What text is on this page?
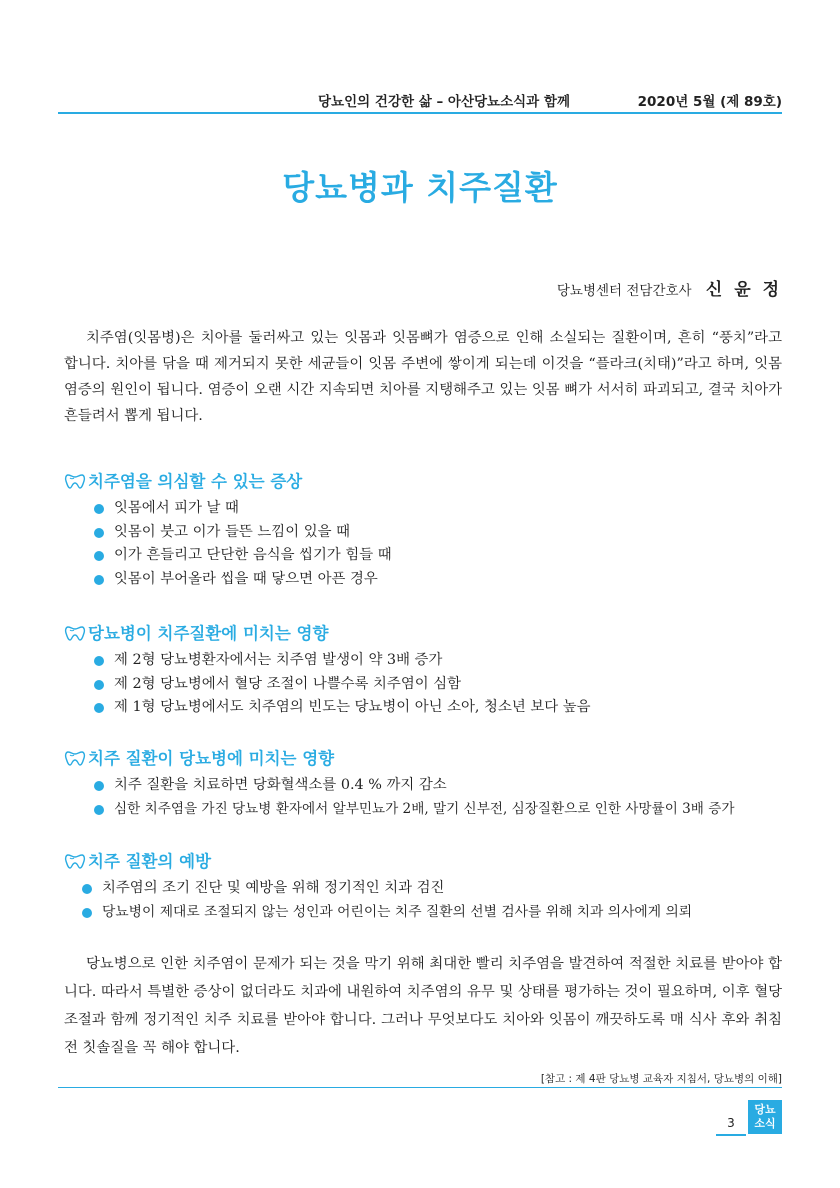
당뇨인의 건강한 삶 – 아산당뇨소식과 함께	2020년 5월 (제 89호)
당뇨병과 치주질환
당뇨병센터 전담간호사 신 윤 정
치주염(잇몸병)은 치아를 둘러싸고 있는 잇몸과 잇몸뼈가 염증으로 인해 소실되는 질환이며, 흔히 “풍치”라고 합니다. 치아를 닦을 때 제거되지 못한 세균들이 잇몸 주변에 쌓이게 되는데 이것을 “플라크(치태)”라고 하며, 잇몸 염증의 원인이 됩니다. 염증이 오랜 시간 지속되면 치아를 지탱해주고 있는 잇몸 뼈가 서서히 파괴되고, 결국 치아가 흔들려서 뽑게 됩니다.
치주염을 의심할 수 있는 증상
잇몸에서 피가 날 때
잇몸이 붓고 이가 들뜬 느낌이 있을 때
이가 흔들리고 단단한 음식을 씹기가 힘들 때
잇몸이 부어올라 씹을 때 닿으면 아픈 경우
당뇨병이 치주질환에 미치는 영향
제 2형 당뇨병환자에서는 치주염 발생이 약 3배 증가
제 2형 당뇨병에서 혈당 조절이 나쁠수록 치주염이 심함
제 1형 당뇨병에서도 치주염의 빈도는 당뇨병이 아닌 소아, 청소년 보다 높음
치주 질환이 당뇨병에 미치는 영향
치주 질환을 치료하면 당화혈색소를 0.4 % 까지 감소
심한 치주염을 가진 당뇨병 환자에서 알부민뇨가 2배, 말기 신부전, 심장질환으로 인한 사망률이 3배 증가
치주 질환의 예방
치주염의 조기 진단 및 예방을 위해 정기적인 치과 검진
당뇨병이 제대로 조절되지 않는 성인과 어린이는 치주 질환의 선별 검사를 위해 치과 의사에게 의뢰
당뇨병으로 인한 치주염이 문제가 되는 것을 막기 위해 최대한 빨리 치주염을 발견하여 적절한 치료를 받아야 합니다. 따라서 특별한 증상이 없더라도 치과에 내원하여 치주염의 유무 및 상태를 평가하는 것이 필요하며, 이후 혈당 조절과 함께 정기적인 치주 치료를 받아야 합니다. 그러나 무엇보다도 치아와 잇몸이 깨끗하도록 매 식사 후와 취침 전 칫솔질을 꼭 해야 합니다.
[참고 : 제 4판 당뇨병 교육자 지침서, 당뇨병의 이해]
3
당뇨
소식
